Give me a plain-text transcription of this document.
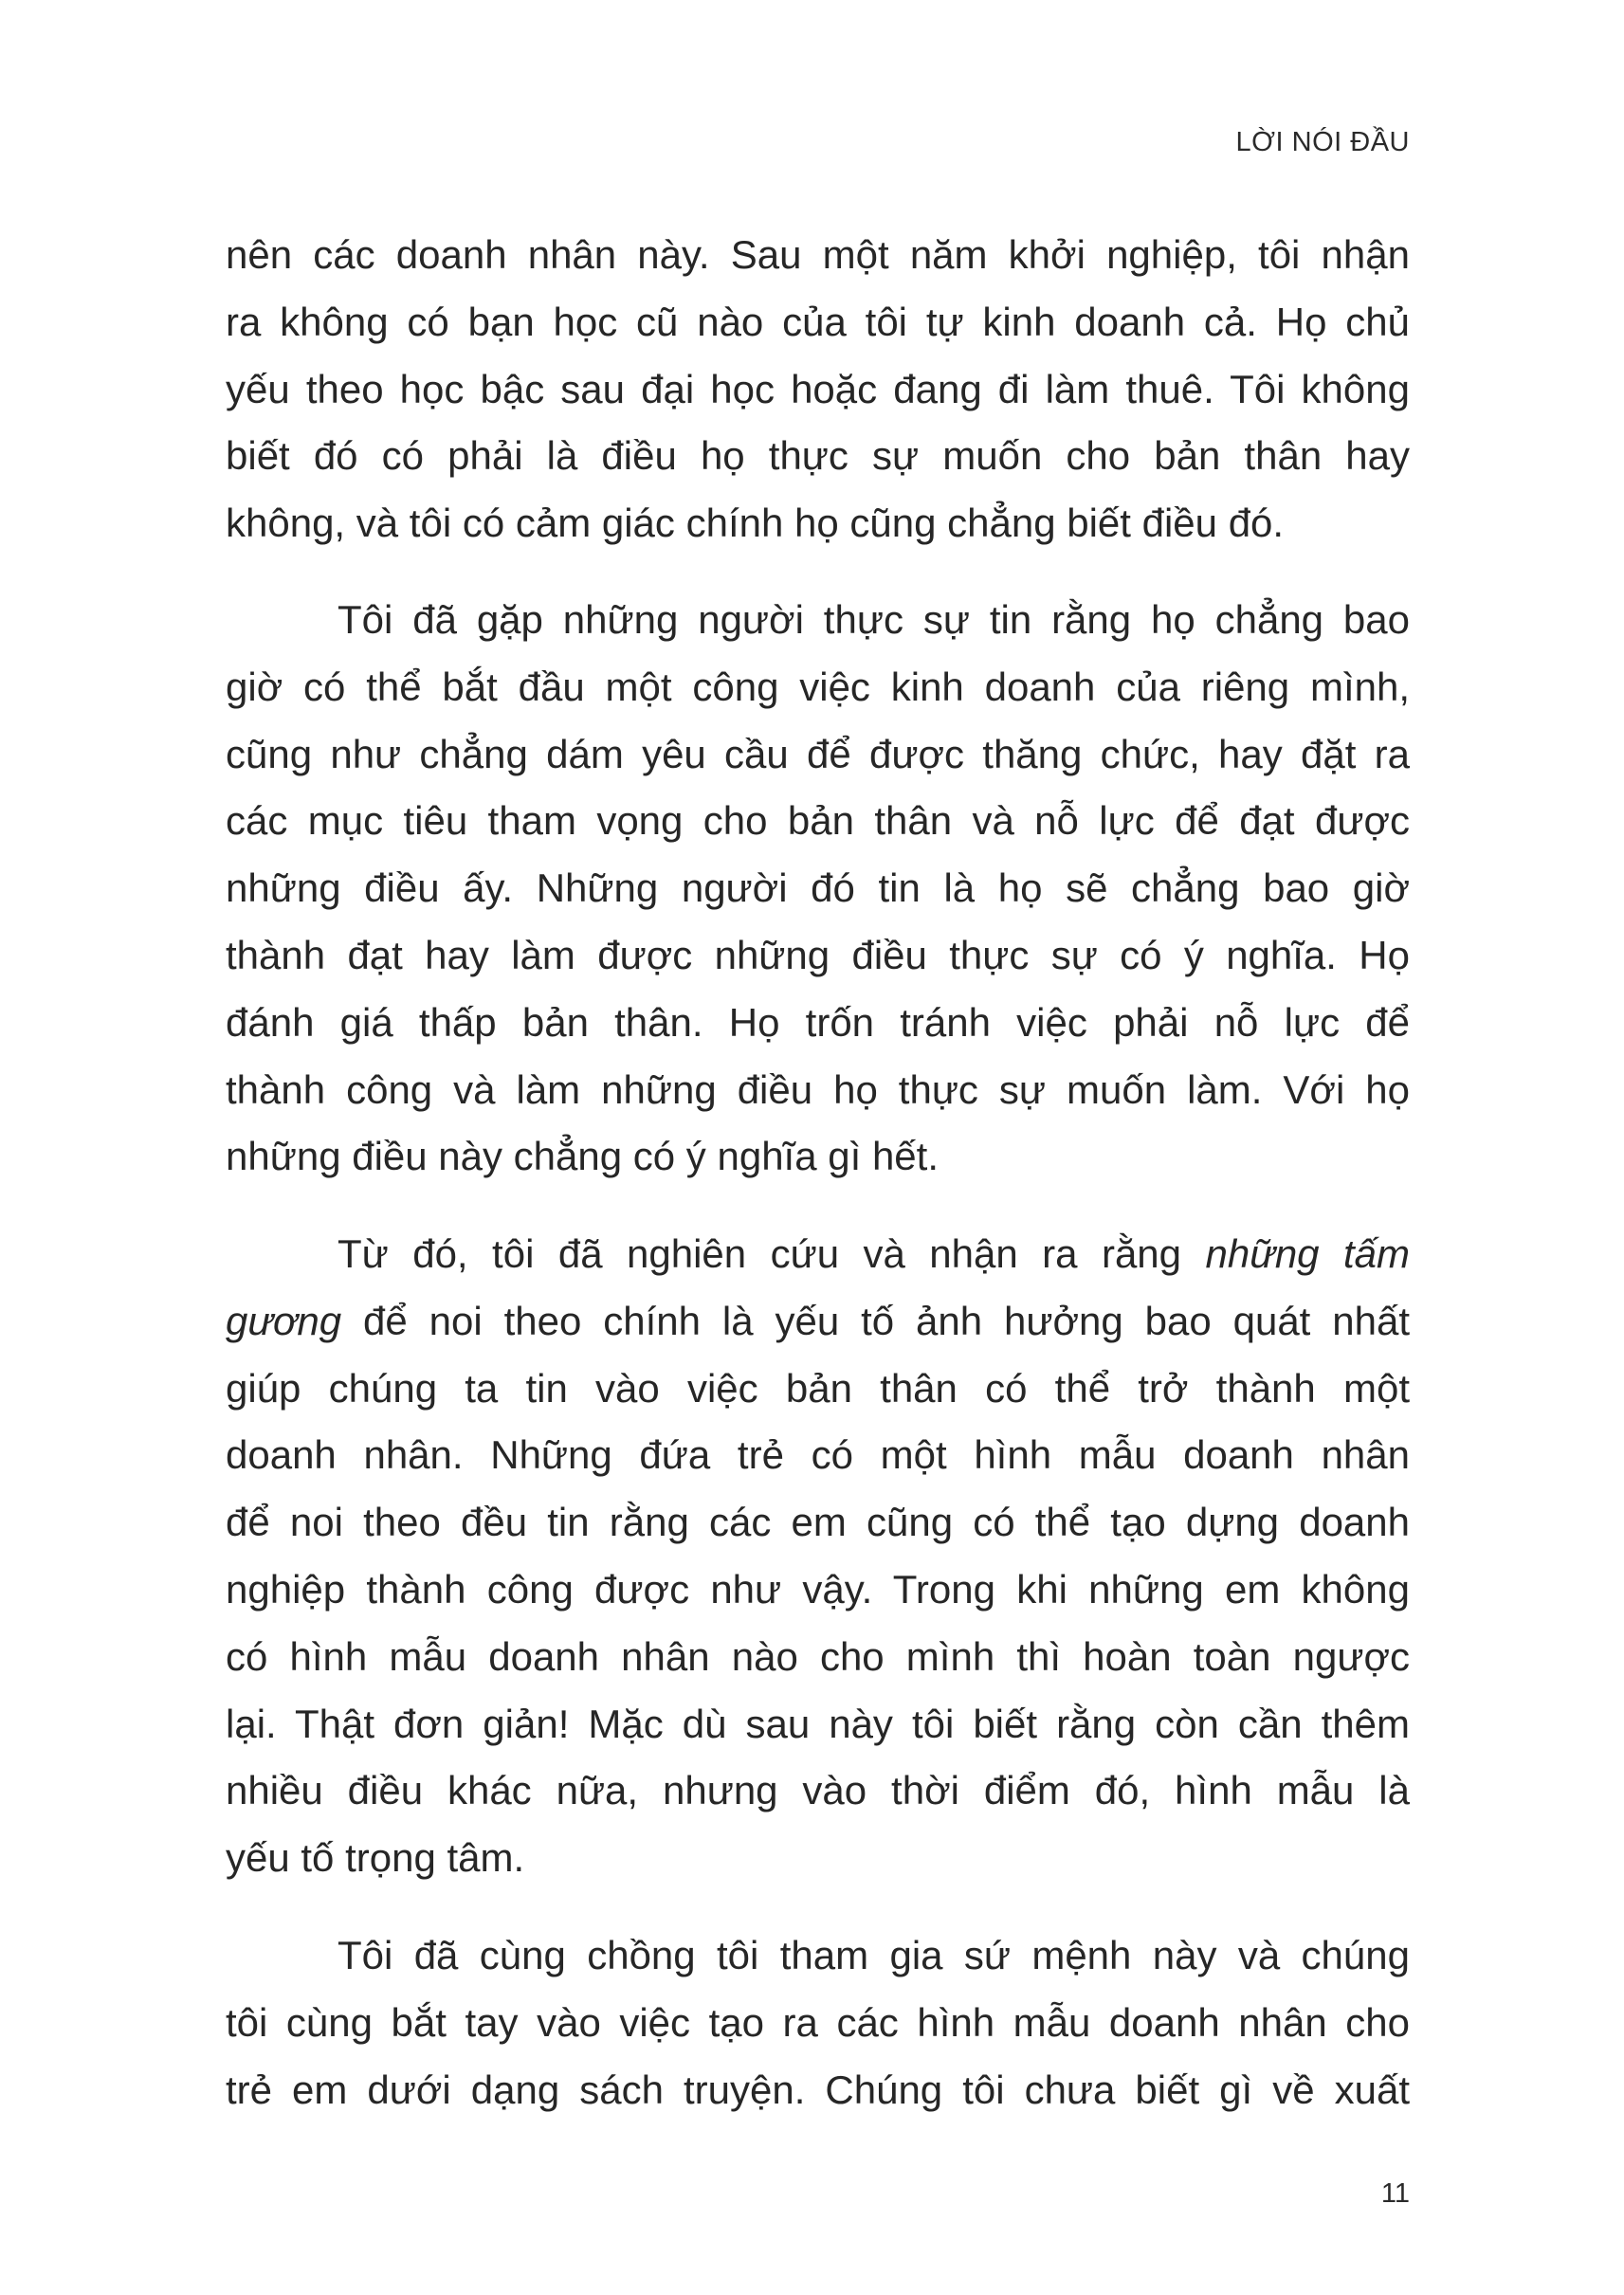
LỜI NÓI ĐẦU
nên các doanh nhân này. Sau một năm khởi nghiệp, tôi nhận
ra không có bạn học cũ nào của tôi tự kinh doanh cả. Họ chủ
yếu theo học bậc sau đại học hoặc đang đi làm thuê. Tôi không
biết đó có phải là điều họ thực sự muốn cho bản thân hay
không, và tôi có cảm giác chính họ cũng chẳng biết điều đó.
Tôi đã gặp những người thực sự tin rằng họ chẳng bao
giờ có thể bắt đầu một công việc kinh doanh của riêng mình,
cũng như chẳng dám yêu cầu để được thăng chức, hay đặt ra
các mục tiêu tham vọng cho bản thân và nỗ lực để đạt được
những điều ấy. Những người đó tin là họ sẽ chẳng bao giờ
thành đạt hay làm được những điều thực sự có ý nghĩa. Họ
đánh giá thấp bản thân. Họ trốn tránh việc phải nỗ lực để
thành công và làm những điều họ thực sự muốn làm. Với họ
những điều này chẳng có ý nghĩa gì hết.
Từ đó, tôi đã nghiên cứu và nhận ra rằng những tấm
gương để noi theo chính là yếu tố ảnh hưởng bao quát nhất
giúp chúng ta tin vào việc bản thân có thể trở thành một
doanh nhân. Những đứa trẻ có một hình mẫu doanh nhân
để noi theo đều tin rằng các em cũng có thể tạo dựng doanh
nghiệp thành công được như vậy. Trong khi những em không
có hình mẫu doanh nhân nào cho mình thì hoàn toàn ngược
lại. Thật đơn giản! Mặc dù sau này tôi biết rằng còn cần thêm
nhiều điều khác nữa, nhưng vào thời điểm đó, hình mẫu là
yếu tố trọng tâm.
Tôi đã cùng chồng tôi tham gia sứ mệnh này và chúng
tôi cùng bắt tay vào việc tạo ra các hình mẫu doanh nhân cho
trẻ em dưới dạng sách truyện. Chúng tôi chưa biết gì về xuất
11
